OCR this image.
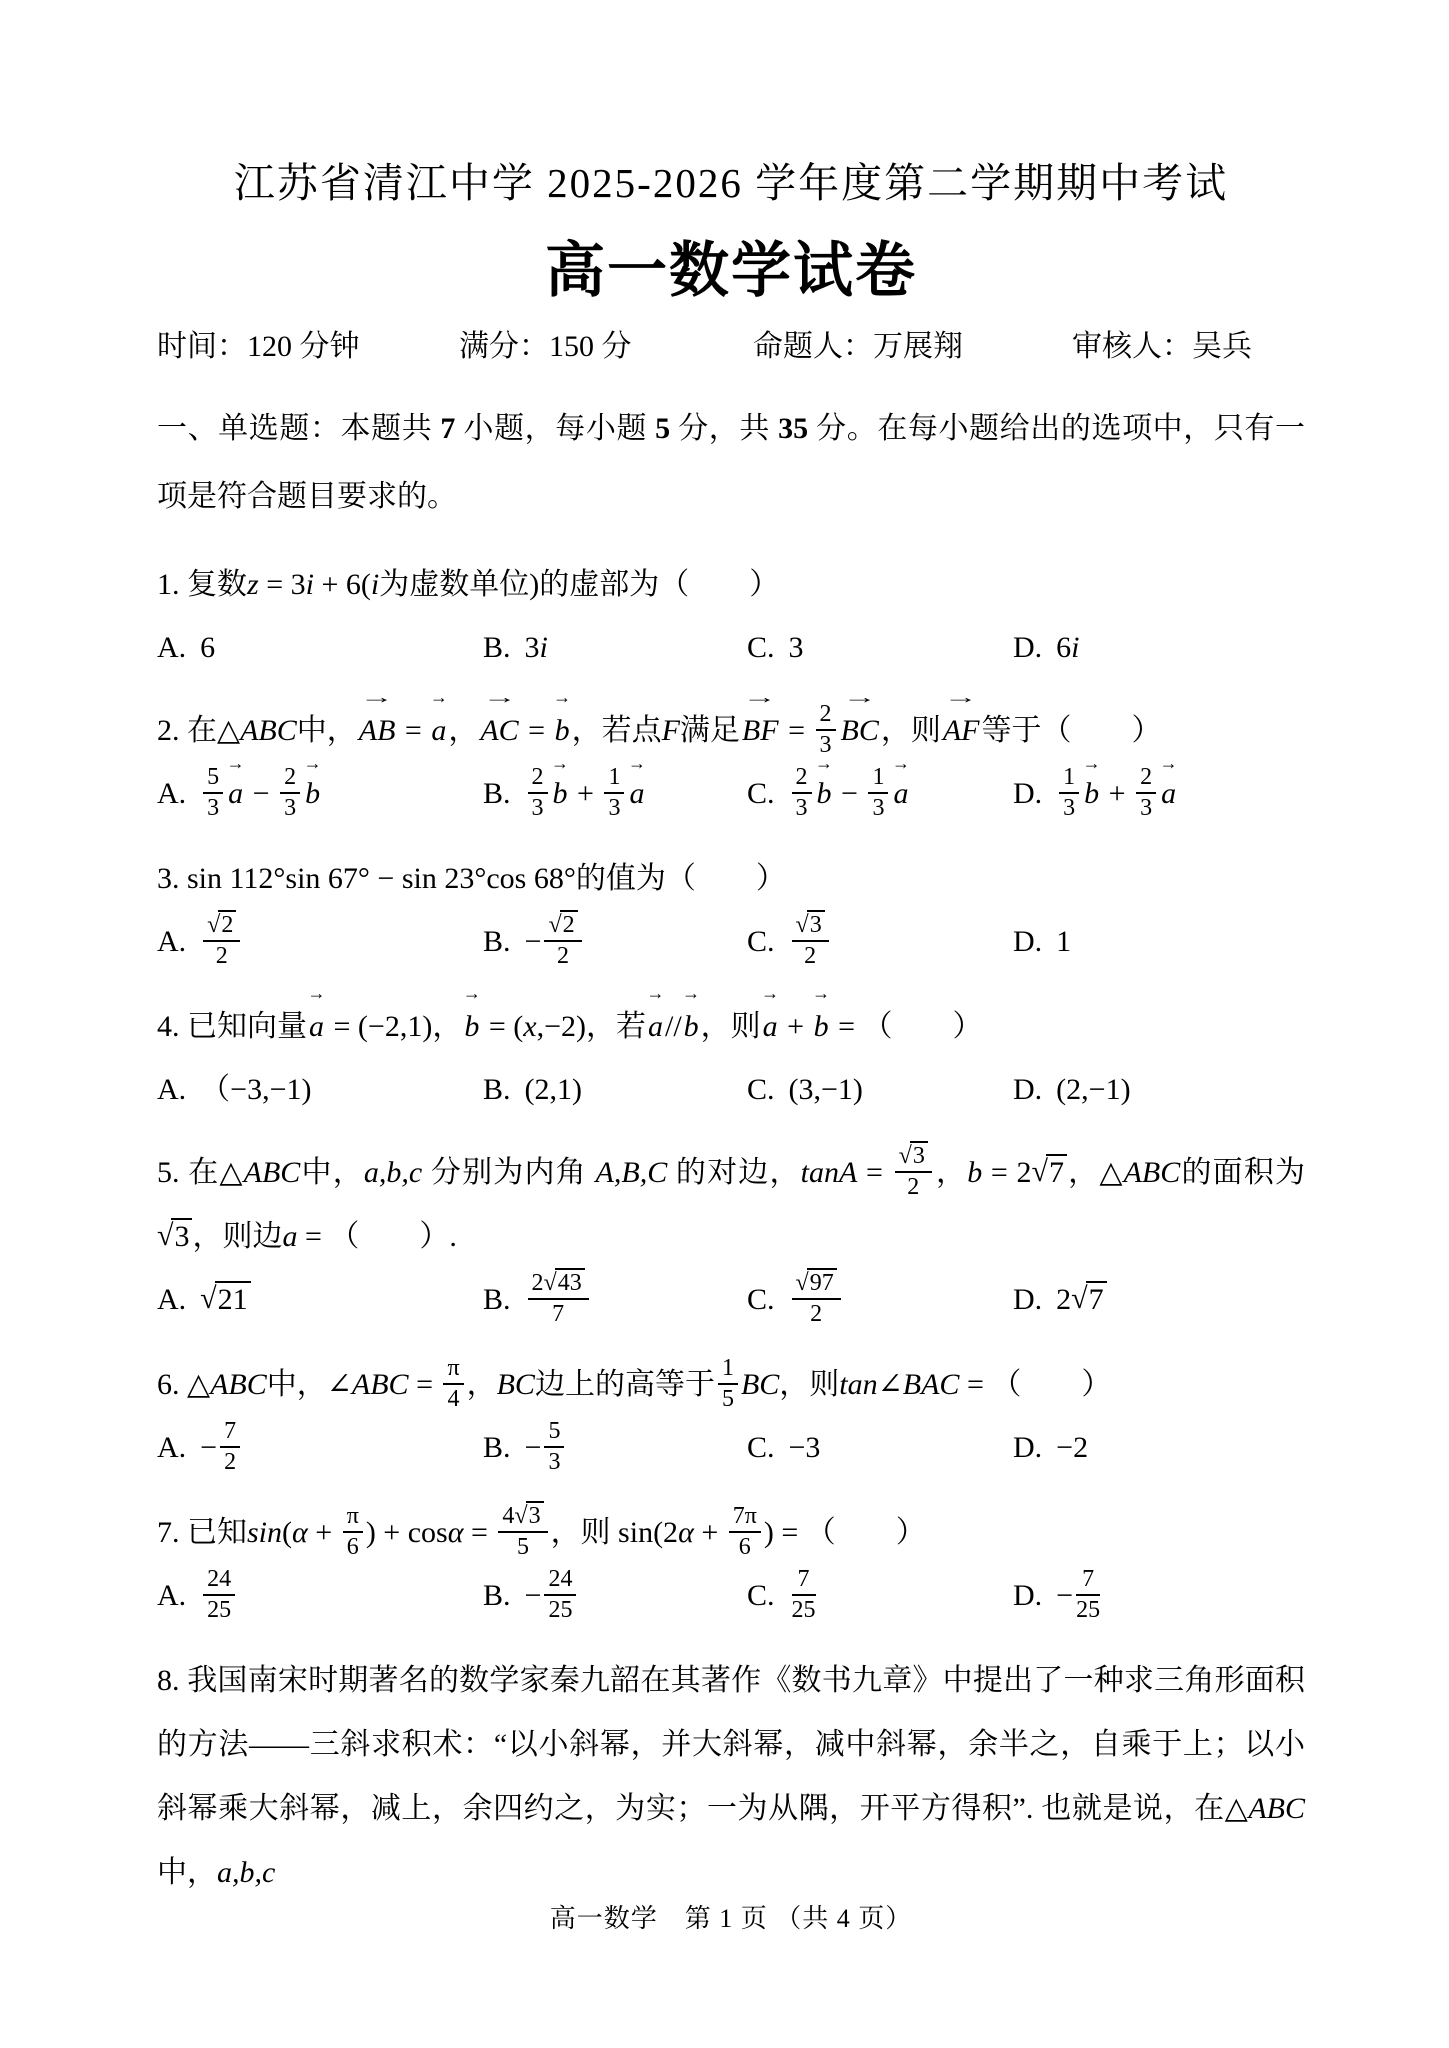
江苏省清江中学 2025-2026 学年度第二学期期中考试
高一数学试卷
时间：120 分钟	满分：150 分	命题人：万展翔	审核人：吴兵
一、单选题：本题共 7 小题，每小题 5 分，共 35 分。在每小题给出的选项中，只有一项是符合题目要求的。
1. 复数z = 3i + 6(i为虚数单位)的虚部为（　　）
A. 6	B. 3i	C. 3	D. 6i
2. 在△ABC中，→ AB = → a，→ AC = → b，若点F满足→ BF = $\frac{2}{3}$ → BC，则→ AF等于（　　）
A. $\frac{5}{3} \to a - \frac{2}{3} \to b$	B. $\frac{2}{3} \to b + \frac{1}{3} \to a$	C. $\frac{2}{3} \to b - \frac{1}{3} \to a$	D. $\frac{1}{3} \to b + \frac{2}{3} \to a$
3. sin 112°sin 67° − sin 23°cos 68°的值为（　　）
A. $\frac{√2}{2}$	B. − $\frac{√2}{2}$	C. $\frac{√3}{2}$	D. 1
4. 已知向量→ a = (−2,1)，→ b = (x,−2)，若→ a//→ b，则→ a + → b = （　　）
A. （−3,−1)	B. (2,1)	C. (3,−1)	D. (2,−1)
5. 在△ABC中，a,b,c 分别为内角 A,B,C 的对边，$\tan A = \frac{√3}{2}$ ，b = 2√7 ，△ABC的面积为√3 ，则边a = （　　）.
A. √21	B. $\frac{2√43}{7}$	C. $\frac{√97}{2}$	D. 2√7
6. △ABC中，∠ABC = $\frac{\pi}{4}$ ，BC边上的高等于 $\frac{1}{5}$ BC，则tan∠BAC = （　　）
A. − $\frac{7}{2}$	B. − $\frac{5}{3}$	C. −3	D. −2
7. 已知$\sin(\alpha + \frac{\pi}{6}$ ) + $\cos\alpha = \frac{4√3}{5}$ ，则 $\sin(2\alpha + \frac{7\pi}{6}$ ) = （　　）
A. $\frac{24}{25}$	B. − $\frac{24}{25}$	C. $\frac{7}{25}$	D. − $\frac{7}{25}$
8. 我国南宋时期著名的数学家秦九韶在其著作《数书九章》中提出了一种求三角形面积的方法——三斜求积术：“以小斜幂，并大斜幂，减中斜幂，余半之，自乘于上；以小斜幂乘大斜幂，减上，余四约之，为实；一为从隅，开平方得积”. 也就是说，在△ABC中，a,b,c
高一数学　第 1 页 （共 4 页）
